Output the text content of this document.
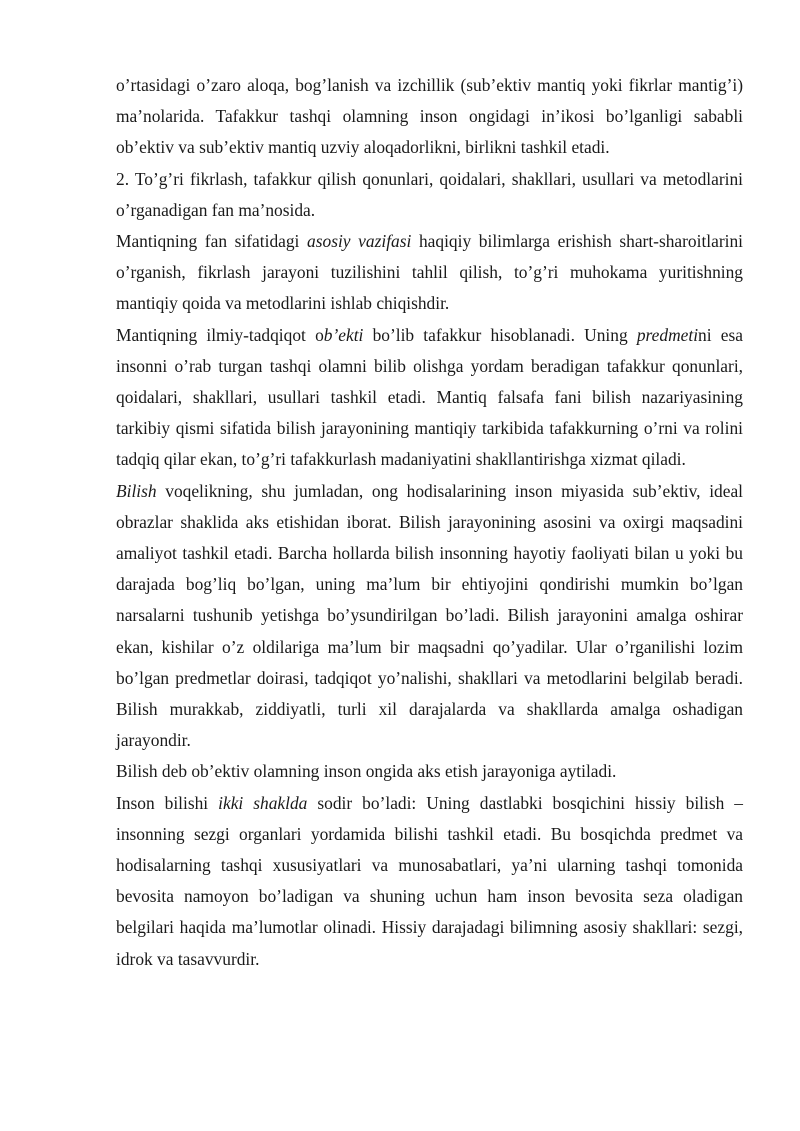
o’rtasidagi o’zaro aloqa, bog’lanish va izchillik (sub’ektiv mantiq yoki fikrlar mantig’i) ma’nolarida. Tafakkur tashqi olamning inson ongidagi in’ikosi bo’lganligi sababli ob’ektiv va sub’ektiv mantiq uzviy aloqadorlikni, birlikni tashkil etadi.

2. To’g’ri fikrlash, tafakkur qilish qonunlari, qoidalari, shakllari, usullari va metodlarini o’rganadigan fan ma’nosida.

Mantiqning fan sifatidagi asosiy vazifasi haqiqiy bilimlarga erishish shart-sharoitlarini o’rganish, fikrlash jarayoni tuzilishini tahlil qilish, to’g’ri muhokama yuritishning mantiqiy qoida va metodlarini ishlab chiqishdir.

Mantiqning ilmiy-tadqiqot ob’ekti bo’lib tafakkur hisoblanadi. Uning predmetini esa insonni o’rab turgan tashqi olamni bilib olishga yordam beradigan tafakkur qonunlari, qoidalari, shakllari, usullari tashkil etadi. Mantiq falsafa fani bilish nazariyasining tarkibiy qismi sifatida bilish jarayonining mantiqiy tarkibida tafakkurning o’rni va rolini tadqiq qilar ekan, to’g’ri tafakkurlash madaniyatini shakllantirishga xizmat qiladi.

Bilish voqelikning, shu jumladan, ong hodisalarining inson miyasida sub’ektiv, ideal obrazlar shaklida aks etishidan iborat. Bilish jarayonining asosini va oxirgi maqsadini amaliyot tashkil etadi. Barcha hollarda bilish insonning hayotiy faoliyati bilan u yoki bu darajada bog’liq bo’lgan, uning ma’lum bir ehtiyojini qondirishi mumkin bo’lgan narsalarni tushunib yetishga bo’ysundirilgan bo’ladi. Bilish jarayonini amalga oshirar ekan, kishilar o’z oldilariga ma’lum bir maqsadni qo’yadilar. Ular o’rganilishi lozim bo’lgan predmetlar doirasi, tadqiqot yo’nalishi, shakllari va metodlarini belgilab beradi. Bilish murakkab, ziddiyatli, turli xil darajalarda va shakllarda amalga oshadigan jarayondir.

Bilish deb ob’ektiv olamning inson ongida aks etish jarayoniga aytiladi.

Inson bilishi ikki shaklda sodir bo’ladi: Uning dastlabki bosqichini hissiy bilish – insonning sezgi organlari yordamida bilishi tashkil etadi. Bu bosqichda predmet va hodisalarning tashqi xususiyatlari va munosabatlari, ya’ni ularning tashqi tomonida bevosita namoyon bo’ladigan va shuning uchun ham inson bevosita seza oladigan belgilari haqida ma’lumotlar olinadi. Hissiy darajadagi bilimning asosiy shakllari: sezgi, idrok va tasavvurdir.
